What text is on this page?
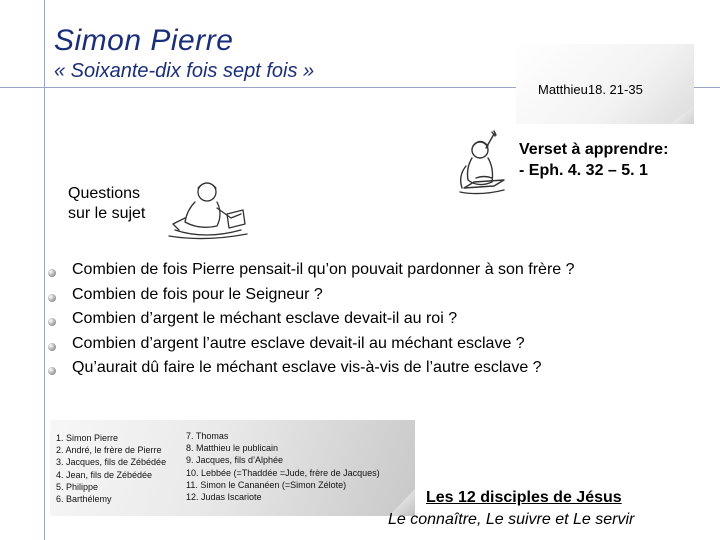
Simon Pierre
« Soixante-dix fois sept fois »
Matthieu18. 21-35
Verset à apprendre:
- Eph. 4. 32 – 5. 1
Questions
sur le sujet
Combien de fois Pierre pensait-il qu’on pouvait pardonner à son frère ?
Combien de fois pour le Seigneur ?
Combien d’argent le méchant esclave devait-il au roi ?
Combien d’argent l’autre esclave devait-il au méchant esclave ?
Qu’aurait dû faire le méchant esclave vis-à-vis de l’autre esclave ?
1. Simon Pierre
2. André, le frère de Pierre
3. Jacques, fils de Zébédée
4. Jean, fils de Zébédée
5. Philippe
6. Barthélemy
7. Thomas
8. Matthieu le publicain
9. Jacques, fils d’Alphée
10. Lebbée (=Thaddée =Jude, frère de Jacques)
11. Simon le Cananéen (=Simon Zélote)
12. Judas Iscariote	Les 12 disciples de Jésus
Le connaître, Le suivre et Le servir
